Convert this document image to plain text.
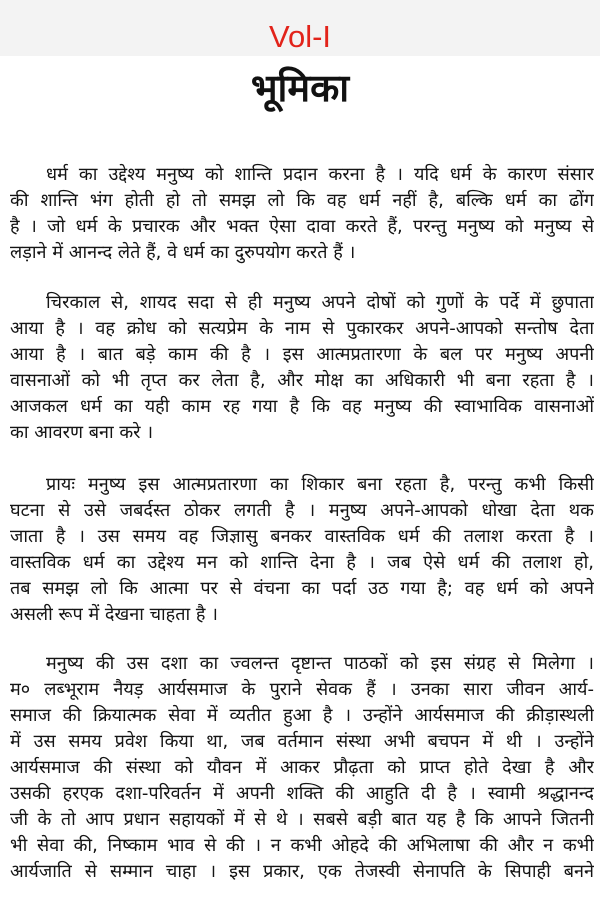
Vol-I
भूमिका
धर्म का उद्देश्य मनुष्य को शान्ति प्रदान करना है । यदि धर्म के कारण संसार
की शान्ति भंग होती हो तो समझ लो कि वह धर्म नहीं है, बल्कि धर्म का ढोंग
है । जो धर्म के प्रचारक और भक्त ऐसा दावा करते हैं, परन्तु मनुष्य को मनुष्य से
लड़ाने में आनन्द लेते हैं, वे धर्म का दुरुपयोग करते हैं ।
चिरकाल से, शायद सदा से ही मनुष्य अपने दोषों को गुणों के पर्दे में छुपाता
आया है । वह क्रोध को सत्यप्रेम के नाम से पुकारकर अपने-आपको सन्तोष देता
आया है । बात बड़े काम की है । इस आत्मप्रतारणा के बल पर मनुष्य अपनी
वासनाओं को भी तृप्त कर लेता है, और मोक्ष का अधिकारी भी बना रहता है ।
आजकल धर्म का यही काम रह गया है कि वह मनुष्य की स्वाभाविक वासनाओं
का आवरण बना करे ।
प्रायः मनुष्य इस आत्मप्रतारणा का शिकार बना रहता है, परन्तु कभी किसी
घटना से उसे जबर्दस्त ठोकर लगती है । मनुष्य अपने-आपको धोखा देता थक
जाता है । उस समय वह जिज्ञासु बनकर वास्तविक धर्म की तलाश करता है ।
वास्तविक धर्म का उद्देश्य मन को शान्ति देना है । जब ऐसे धर्म की तलाश हो,
तब समझ लो कि आत्मा पर से वंचना का पर्दा उठ गया है; वह धर्म को अपने
असली रूप में देखना चाहता है ।
मनुष्य की उस दशा का ज्वलन्त दृष्टान्त पाठकों को इस संग्रह से मिलेगा ।
म० लब्भूराम नैयड़ आर्यसमाज के पुराने सेवक हैं । उनका सारा जीवन आर्य-
समाज की क्रियात्मक सेवा में व्यतीत हुआ है । उन्होंने आर्यसमाज की क्रीड़ास्थली
में उस समय प्रवेश किया था, जब वर्तमान संस्था अभी बचपन में थी । उन्होंने
आर्यसमाज की संस्था को यौवन में आकर प्रौढ़ता को प्राप्त होते देखा है और
उसकी हरएक दशा-परिवर्तन में अपनी शक्ति की आहुति दी है । स्वामी श्रद्धानन्द
जी के तो आप प्रधान सहायकों में से थे । सबसे बड़ी बात यह है कि आपने जितनी
भी सेवा की, निष्काम भाव से की । न कभी ओहदे की अभिलाषा की और न कभी
आर्यजाति से सम्मान चाहा । इस प्रकार, एक तेजस्वी सेनापति के सिपाही बनने
